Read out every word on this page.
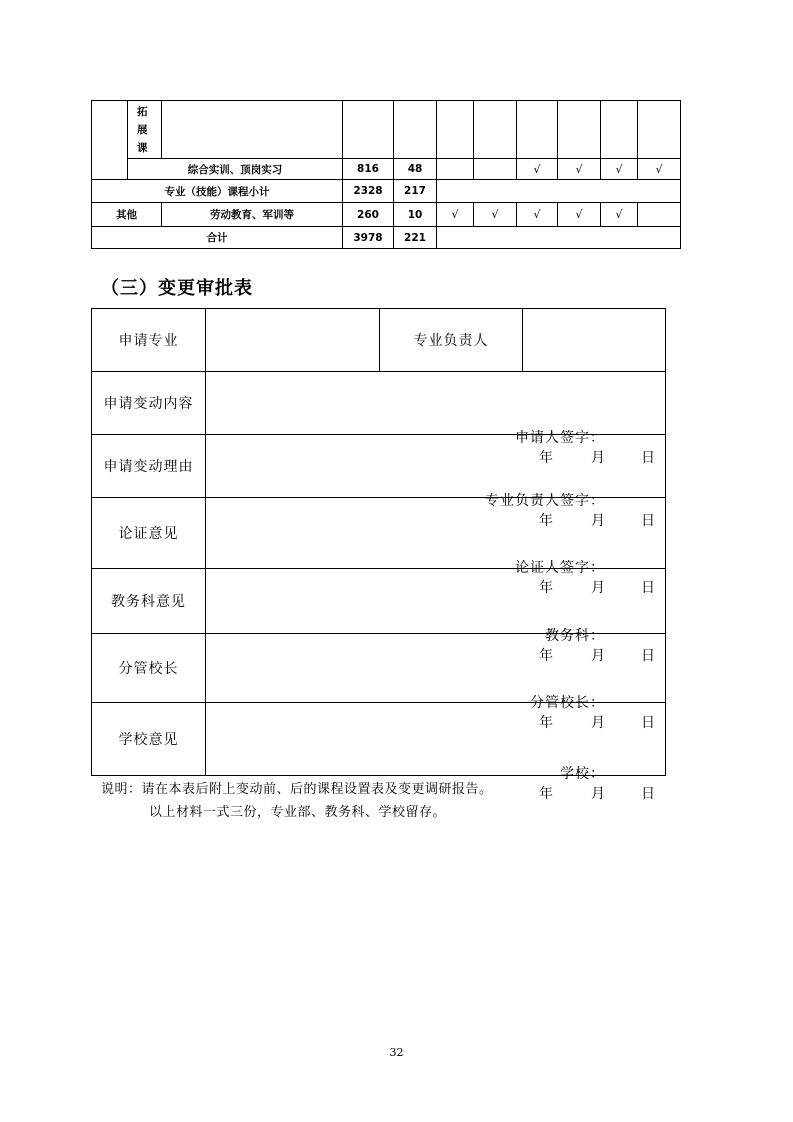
	拓
展
课									

	综合实训、顶岗实习		816	48			√	√	√	√
专业（技能）课程小计			2328	217						
其他		劳动教育、军训等	260	10	√	√	√	√	√	
合计			3978	221						
（三）变更审批表
申请专业		专业负责人	
申请变动内容	申请人签字：
年 月 日		

申请变动理由	专业负责人签字：
年 月 日		

论证意见	论证人签字：
年 月 日		

教务科意见	教务科：
年 月 日		

分管校长	分管校长：
年 月 日		

学校意见	学校：
年 月 日		
说明：请在本表后附上变动前、后的课程设置表及变更调研报告。
以上材料一式三份，专业部、教务科、学校留存。
32
